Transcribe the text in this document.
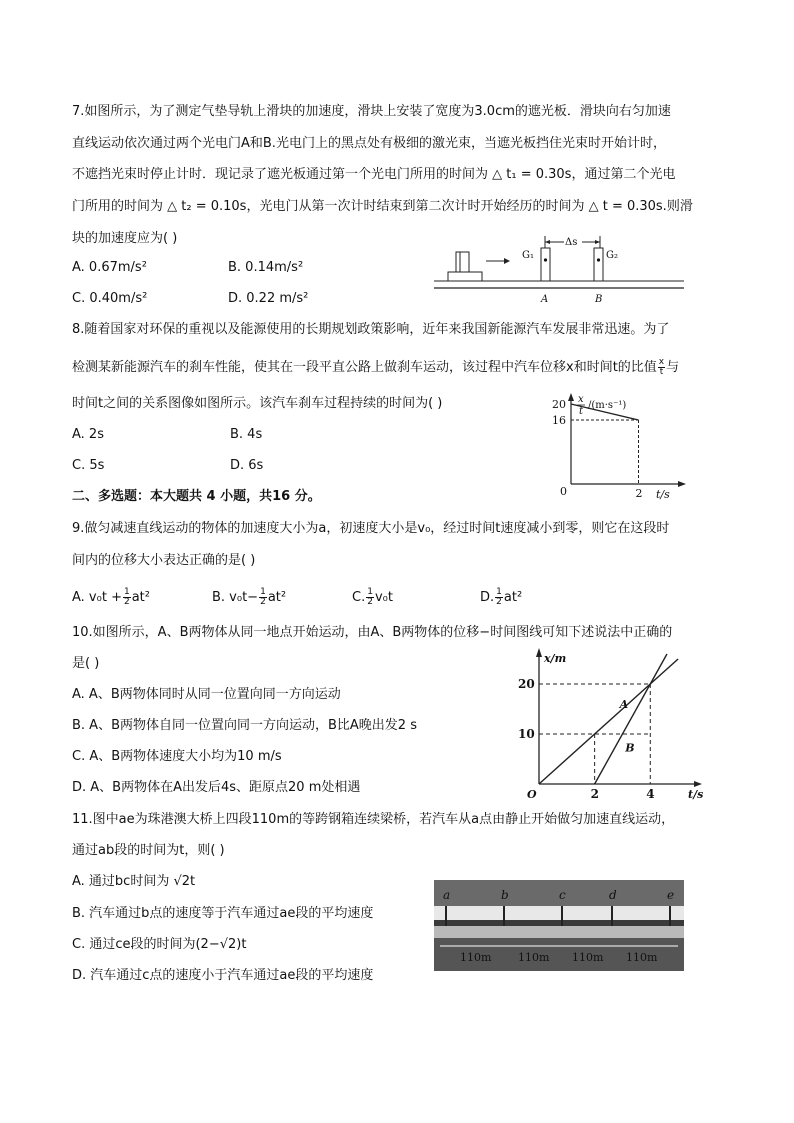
7.如图所示，为了测定气垫导轨上滑块的加速度，滑块上安装了宽度为3.0cm的遮光板．滑块向右匀加速
直线运动依次通过两个光电门A和B.光电门上的黑点处有极细的激光束，当遮光板挡住光束时开始计时，
不遮挡光束时停止计时．现记录了遮光板通过第一个光电门所用的时间为 △ t₁ = 0.30s，通过第二个光电
门所用的时间为 △ t₂ = 0.10s，光电门从第一次计时结束到第二次计时开始经历的时间为 △ t = 0.30s.则滑
块的加速度应为( )
A. 0.67m/s²	B. 0.14m/s²
C. 0.40m/s²	D. 0.22 m/s²
Δs
G₁	G₂
A	B
8.随着国家对环保的重视以及能源使用的长期规划政策影响，近年来我国新能源汽车发展非常迅速。为了
检测某新能源汽车的刹车性能，使其在一段平直公路上做刹车运动，该过程中汽车位移x和时间t的比值 $\frac{x}{t}$ 与
时间t之间的关系图像如图所示。该汽车刹车过程持续的时间为( )
A. 2s	B. 4s
C. 5s	D. 6s
x
t
/(m·s⁻¹)
t/s
0
16
20
2
二、多选题：本大题共 4 小题，共16 分。
9.做匀减速直线运动的物体的加速度大小为a，初速度大小是v₀，经过时间t速度减小到零，则它在这段时
间内的位移大小表达正确的是( )
A. $v_0t + \frac{1}{2} at^2$	B. $v_0t- \frac{1}{2} at^2$	C. $\frac{1}{2} v_0t$	D. $\frac{1}{2} at^2$
10.如图所示，A、B两物体从同一地点开始运动，由A、B两物体的位移−时间图线可知下述说法中正确的
是( )
A. A、B两物体同时从同一位置向同一方向运动
B. A、B两物体自同一位置向同一方向运动，B比A晚出发2 s
C. A、B两物体速度大小均为10 m/s
D. A、B两物体在A出发后4s、距原点20 m处相遇
x/m
t/s
O
A
B
10
20
2	4
11.图中ae为珠港澳大桥上四段110m的等跨钢箱连续梁桥，若汽车从a点由静止开始做匀加速直线运动，
通过ab段的时间为t，则( )
A. 通过bc时间为 √2t
B. 汽车通过b点的速度等于汽车通过ae段的平均速度
C. 通过ce段的时间为(2−√2)t
D. 汽车通过c点的速度小于汽车通过ae段的平均速度
a	b	c	d	e
110m 110m 110m 110m
